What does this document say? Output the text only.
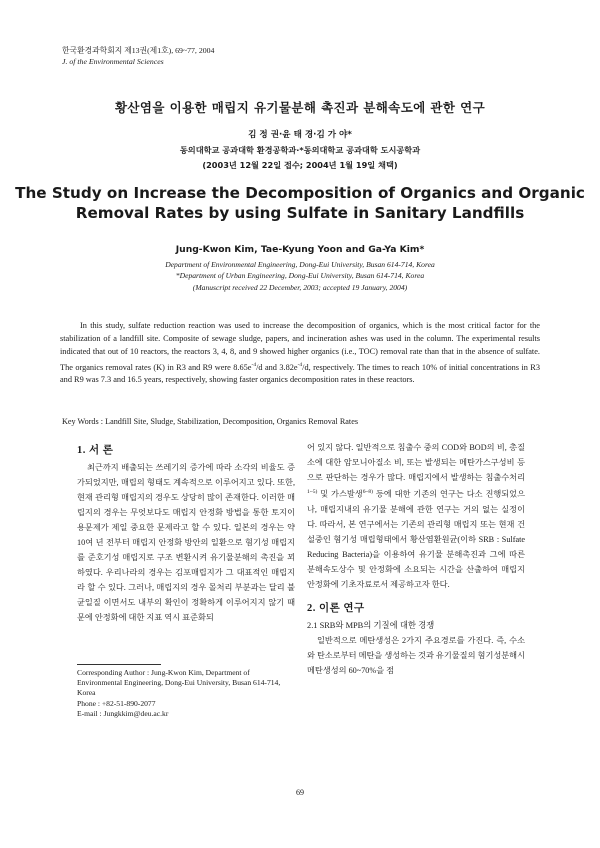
한국환경과학회지 제13권(제1호), 69~77, 2004
J. of the Environmental Sciences
황산염을 이용한 매립지 유기물분해 촉진과 분해속도에 관한 연구
김 정 권·윤 태 경·김 가 야*
동의대학교 공과대학 환경공학과·*동의대학교 공과대학 도시공학과
(2003년 12월 22일 접수; 2004년 1월 19일 채택)
The Study on Increase the Decomposition of Organics and Organic Removal Rates by using Sulfate in Sanitary Landfills
Jung-Kwon Kim, Tae-Kyung Yoon and Ga-Ya Kim*
Department of Environmental Engineering, Dong-Eui University, Busan 614-714, Korea
*Department of Urban Engineering, Dong-Eui University, Busan 614-714, Korea
(Manuscript received 22 December, 2003; accepted 19 January, 2004)

In this study, sulfate reduction reaction was used to increase the decomposition of organics, which is the most critical factor for the stabilization of a landfill site. Composite of sewage sludge, papers, and incineration ashes was used in the column. The experimental results indicated that out of 10 reactors, the reactors 3, 4, 8, and 9 showed higher organics (i.e., TOC) removal rate than that in the absence of sulfate. The organics removal rates (K) in R3 and R9 were $8.65e^{-4}/d$ and $3.82e^{-4}/d$, respectively. The times to reach 10% of initial concentrations in R3 and R9 was 7.3 and 16.5 years, respectively, showing faster organics decomposition rates in these reactors.

Key Words : Landfill Site, Sludge, Stabilization, Decomposition, Organics Removal Rates
1. 서 론

최근까지 배출되는 쓰레기의 증가에 따라 소각의 비율도 증가되었지만, 매립의 형태도 계속적으로 이루어지고 있다. 또한, 현재 관리형 매립지의 경우도 상당히 많이 존재한다. 이러한 매립지의 경우는 무엇보다도 매립지 안정화 방법을 통한 토지이용문제가 제일 중요한 문제라고 할 수 있다. 일본의 경우는 약 10여 년 전부터 매립지 안정화 방안의 일환으로 혐기성 매립지를 준호기성 매립지로 구조 변환시켜 유기물분해의 촉진을 꾀하였다. 우리나라의 경우는 김포매립지가 그 대표적인 매립지라 할 수 있다. 그러나, 매립지의 경우 몰처리 부분과는 달리 불균일질 이면서도 내부의 확인이 정확하게 이루어지지 않기 때문에 안정화에 대한 지표 역시 표준화되

어 있지 않다. 일반적으로 침출수 중의 COD와 BOD의 비, 총질소에 대한 암모니아질소 비, 또는 발생되는 메탄가스구성비 등으로 판단하는 경우가 많다. 매립지에서 발생하는 침출수처리$^{1\sim 5)}$ 및 가스발생$^{6\sim 8)}$ 등에 대한 기존의 연구는 다소 진행되었으나, 매립지내의 유기물 분해에 관한 연구는 거의 없는 실정이다. 따라서, 본 연구에서는 기존의 관리형 매립지 또는 현재 건설중인 혐기성 매립형태에서 황산염환원균(이하 SRB : Sulfate Reducing Bacteria)을 이용하여 유기물 분해촉진과 그에 따른 분해속도상수 및 안정화에 소요되는 시간을 산출하여 매립지 안정화에 기초자료로서 제공하고자 한다.

2. 이론 연구

2.1 SRB와 MPB의 기질에 대한 경쟁

일반적으로 메탄생성은 2가지 주요경로를 가진다. 즉, 수소와 탄소로부터 메탄을 생성하는 것과 유기물질의 혐기성분해시 메탄생성의 60~70%을 점

Corresponding Author : Jung-Kwon Kim, Department of Environmental Engineering, Dong-Eui University, Busan 614-714, Korea

Phone : +82-51-890-2077

E-mail : Jungkkim@deu.ac.kr

69
